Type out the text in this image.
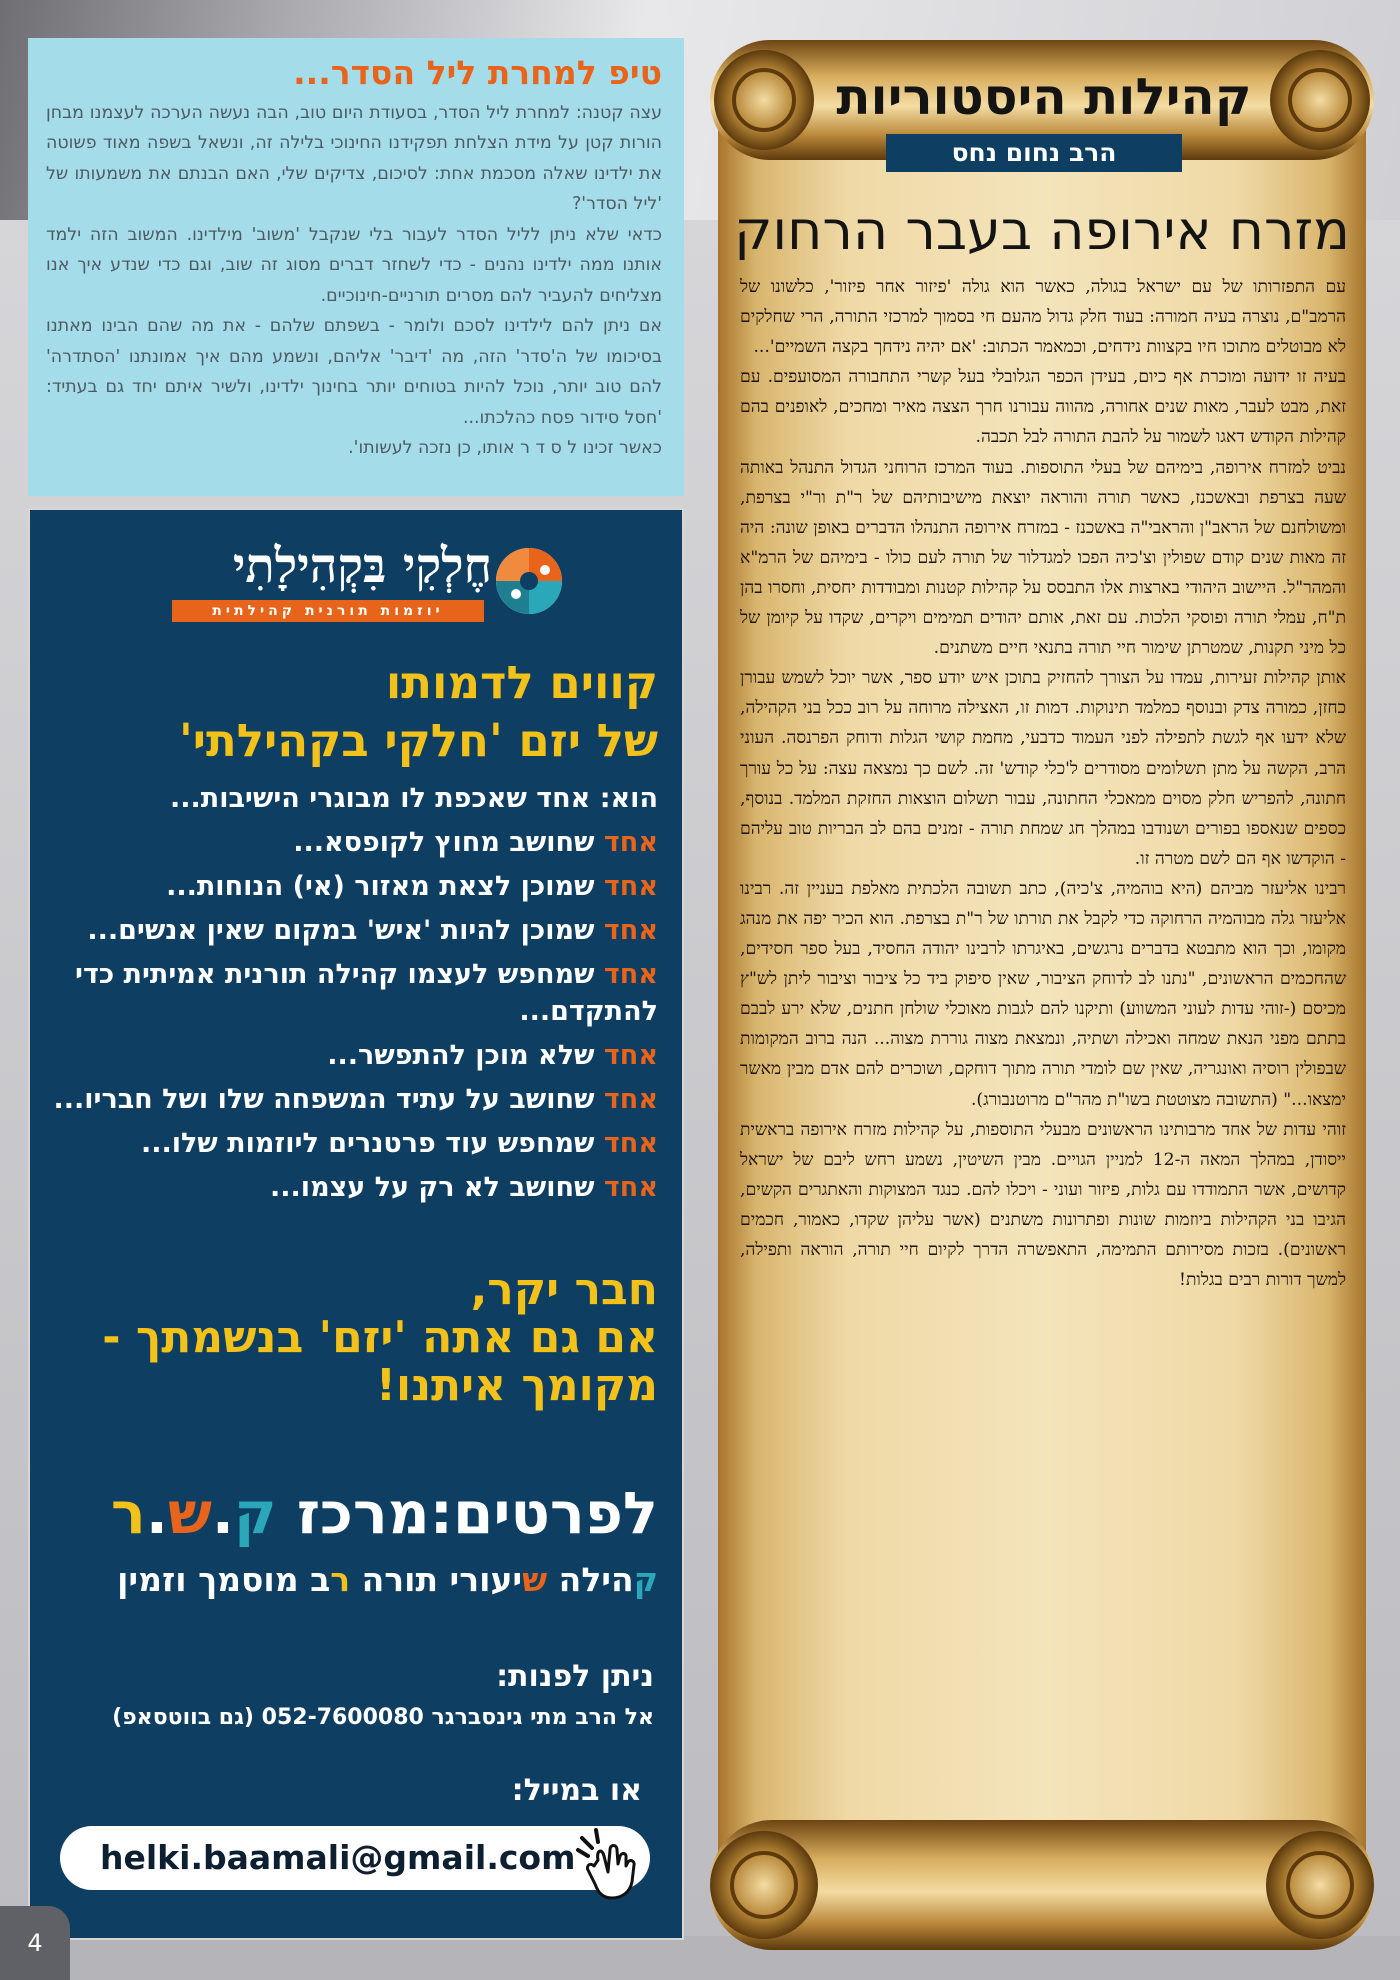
טיפ למחרת ליל הסדר...

עצה קטנה: למחרת ליל הסדר, בסעודת היום טוב, הבה נעשה הערכה לעצמנו מבחן הורות קטן על מידת הצלחת תפקידנו החינוכי בלילה זה, ונשאל בשפה מאוד פשוטה את ילדינו שאלה מסכמת אחת: לסיכום, צדיקים שלי, האם הבנתם את משמעותו של 'ליל הסדר'?

כדאי שלא ניתן לליל הסדר לעבור בלי שנקבל 'משוב' מילדינו. המשוב הזה ילמד אותנו ממה ילדינו נהנים - כדי לשחזר דברים מסוג זה שוב, וגם כדי שנדע איך אנו מצליחים להעביר להם מסרים תורניים-חינוכיים.

אם ניתן להם לילדינו לסכם ולומר - בשפתם שלהם - את מה שהם הבינו מאתנו בסיכומו של ה'סדר' הזה, מה 'דיבר' אליהם, ונשמע מהם איך אמונתנו 'הסתדרה' להם טוב יותר, נוכל להיות בטוחים יותר בחינוך ילדינו, ולשיר איתם יחד גם בעתיד: 'חסל סידור פסח כהלכתו...

כאשר זכינו ל ס ד ר אותו, כן נזכה לעשותו'.

חֶלְקִי בִּקְהִילָתִי
יוזמות תורנית קהילתית
קווים לדמותו
של יזם 'חלקי בקהילתי'
הוא: אחד שאכפת לו מבוגרי הישיבות...
אחד שחושב מחוץ לקופסא...
אחד שמוכן לצאת מאזור (אי) הנוחות...
אחד שמוכן להיות 'איש' במקום שאין אנשים...
אחד שמחפש לעצמו קהילה תורנית אמיתית כדי להתקדם...
אחד שלא מוכן להתפשר...
אחד שחושב על עתיד המשפחה שלו ושל חבריו...
אחד שמחפש עוד פרטנרים ליוזמות שלו...
אחד שחושב לא רק על עצמו...
חבר יקר,
אם גם אתה 'יזם' בנשמתך -
מקומך איתנו!
לפרטים:מרכז ק.ש.ר
קהילה שיעורי תורה רב מוסמך וזמין
ניתן לפנות:
אל הרב מתי גינסברגר 052-7600080 (גם בווטסאפ)
או במייל:
helki.baamali@gmail.com
4
קהילות היסטוריות
הרב נחום נחס
מזרח אירופה בעבר הרחוק

עם התפזרותו של עם ישראל בגולה, כאשר הוא גולה 'פיזור אחר פיזור', כלשונו של הרמב"ם, נוצרה בעיה חמורה: בעוד חלק גדול מהעם חי בסמוך למרכזי התורה, הרי שחלקים לא מבוטלים מתוכו חיו בקצוות נידחים, וכמאמר הכתוב: 'אם יהיה נידחך בקצה השמיים'...

בעיה זו ידועה ומוכרת אף כיום, בעידן הכפר הגלובלי בעל קשרי התחבורה המסועפים. עם זאת, מבט לעבר, מאות שנים אחורה, מהווה עבורנו חרך הצצה מאיר ומחכים, לאופנים בהם קהילות הקודש דאגו לשמור על להבת התורה לבל תכבה.

נביט למזרח אירופה, בימיהם של בעלי התוספות. בעוד המרכז הרוחני הגדול התנהל באותה שעה בצרפת ובאשכנז, כאשר תורה והוראה יוצאת מישיבותיהם של ר"ת ור"י בצרפת, ומשולחנם של הראב"ן והראבי"ה באשכנז - במזרח אירופה התנהלו הדברים באופן שונה: היה זה מאות שנים קודם שפולין וצ'כיה הפכו למגדלור של תורה לעם כולו - בימיהם של הרמ"א והמהר"ל. היישוב היהודי בארצות אלו התבסס על קהילות קטנות ומבודדות יחסית, וחסרו בהן ת"ח, עמלי תורה ופוסקי הלכות. עם זאת, אותם יהודים תמימים ויקרים, שקדו על קיומן של כל מיני תקנות, שמטרתן שימור חיי תורה בתנאי חיים משתנים.

אותן קהילות זעירות, עמדו על הצורך להחזיק בתוכן איש יודע ספר, אשר יוכל לשמש עבורן כחזן, כמורה צדק ובנוסף כמלמד תינוקות. דמות זו, האצילה מרוחה על רוב ככל בני הקהילה, שלא ידעו אף לגשת לתפילה לפני העמוד כדבעי, מחמת קושי הגלות ודוחק הפרנסה. העוני הרב, הקשה על מתן תשלומים מסודרים ל'כלי קודש' זה. לשם כך נמצאה עצה: על כל עורך חתונה, להפריש חלק מסוים ממאכלי החתונה, עבור תשלום הוצאות החזקת המלמד. בנוסף, כספים שנאספו בפורים ושנודבו במהלך חג שמחת תורה - זמנים בהם לב הבריות טוב עליהם - הוקדשו אף הם לשם מטרה זו.

רבינו אליעזר מביהם (היא בוהמיה, צ'כיה), כתב תשובה הלכתית מאלפת בעניין זה. רבינו אליעזר גלה מבוהמיה הרחוקה כדי לקבל את תורתו של ר"ת בצרפת. הוא הכיר יפה את מנהג מקומו, וכך הוא מתבטא בדברים נרגשים, באיגרתו לרבינו יהודה החסיד, בעל ספר חסידים, שהחכמים הראשונים, "נתנו לב לדוחק הציבור, שאין סיפוק ביד כל ציבור וציבור ליתן לש"ץ מכיסם (-זוהי עדות לעוני המשווע) ותיקנו להם לגבות מאוכלי שולחן חתנים, שלא ירע לבבם בתתם מפני הנאת שמחה ואכילה ושתיה, ונמצאת מצוה גוררת מצוה... הנה ברוב המקומות שבפולין רוסיה ואונגריה, שאין שם לומדי תורה מתוך דוחקם, ושוכרים להם אדם מבין מאשר ימצאו..." (התשובה מצוטטת בשו"ת מהר"ם מרוטנבורג).

זוהי עדות של אחד מרבותינו הראשונים מבעלי התוספות, על קהילות מזרח אירופה בראשית ייסודן, במהלך המאה ה-12 למניין הגויים. מבין השיטין, נשמע רחש ליבם של ישראל קדושים, אשר התמודדו עם גלות, פיזור ועוני - ויכלו להם. כנגד המצוקות והאתגרים הקשים, הגיבו בני הקהילות ביוזמות שונות ופתרונות משתנים (אשר עליהן שקדו, כאמור, חכמים ראשונים). בזכות מסירותם התמימה, התאפשרה הדרך לקיום חיי תורה, הוראה ותפילה, למשך דורות רבים בגלות!
